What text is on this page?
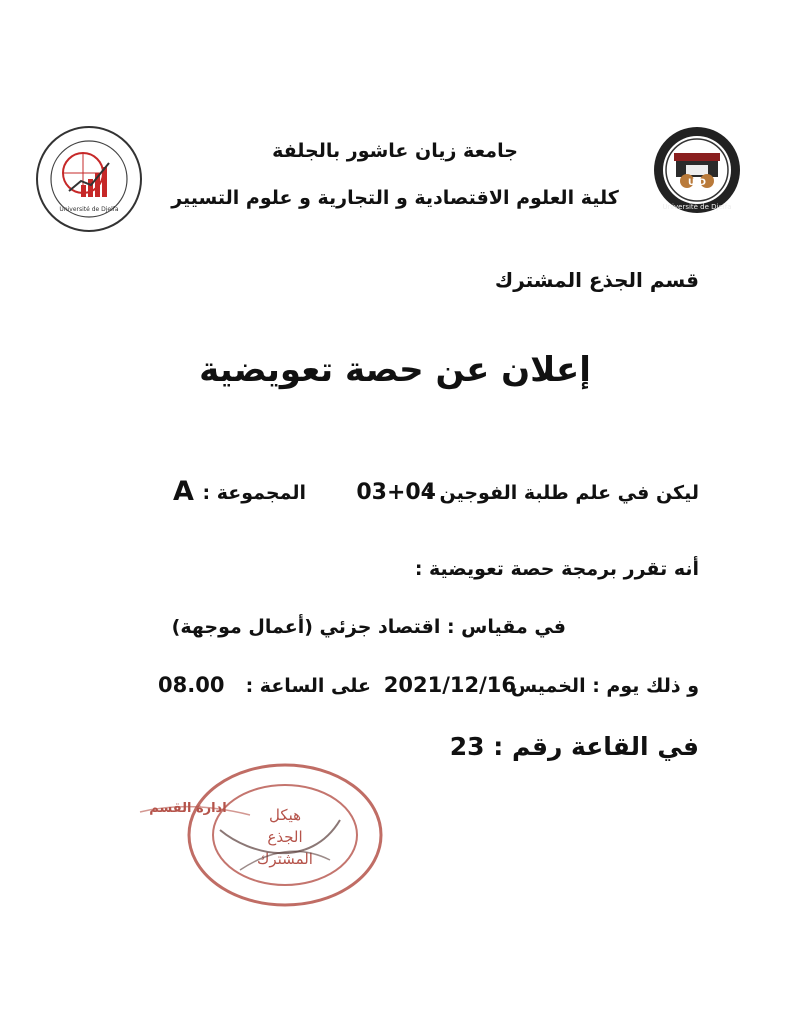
جامعة زيان عاشور بالجلفة
كلية العلوم الاقتصادية و التجارية و علوم التسيير
U D
Université de Djelfa
Université de Djelfa
قسم الجذع المشترك
إعلان عن حصة تعويضية
ليكن في علم طلبة الفوجين :
03+04
المجموعة :
A
أنه تقرر برمجة حصة تعويضية :
في مقياس : اقتصاد جزئي (أعمال موجهة)
و ذلك يوم : الخميس
2021/12/16
على الساعة :
08.00
في القاعة رقم : 23
ادارة القسم	هيكل
الجذع
المشترك
